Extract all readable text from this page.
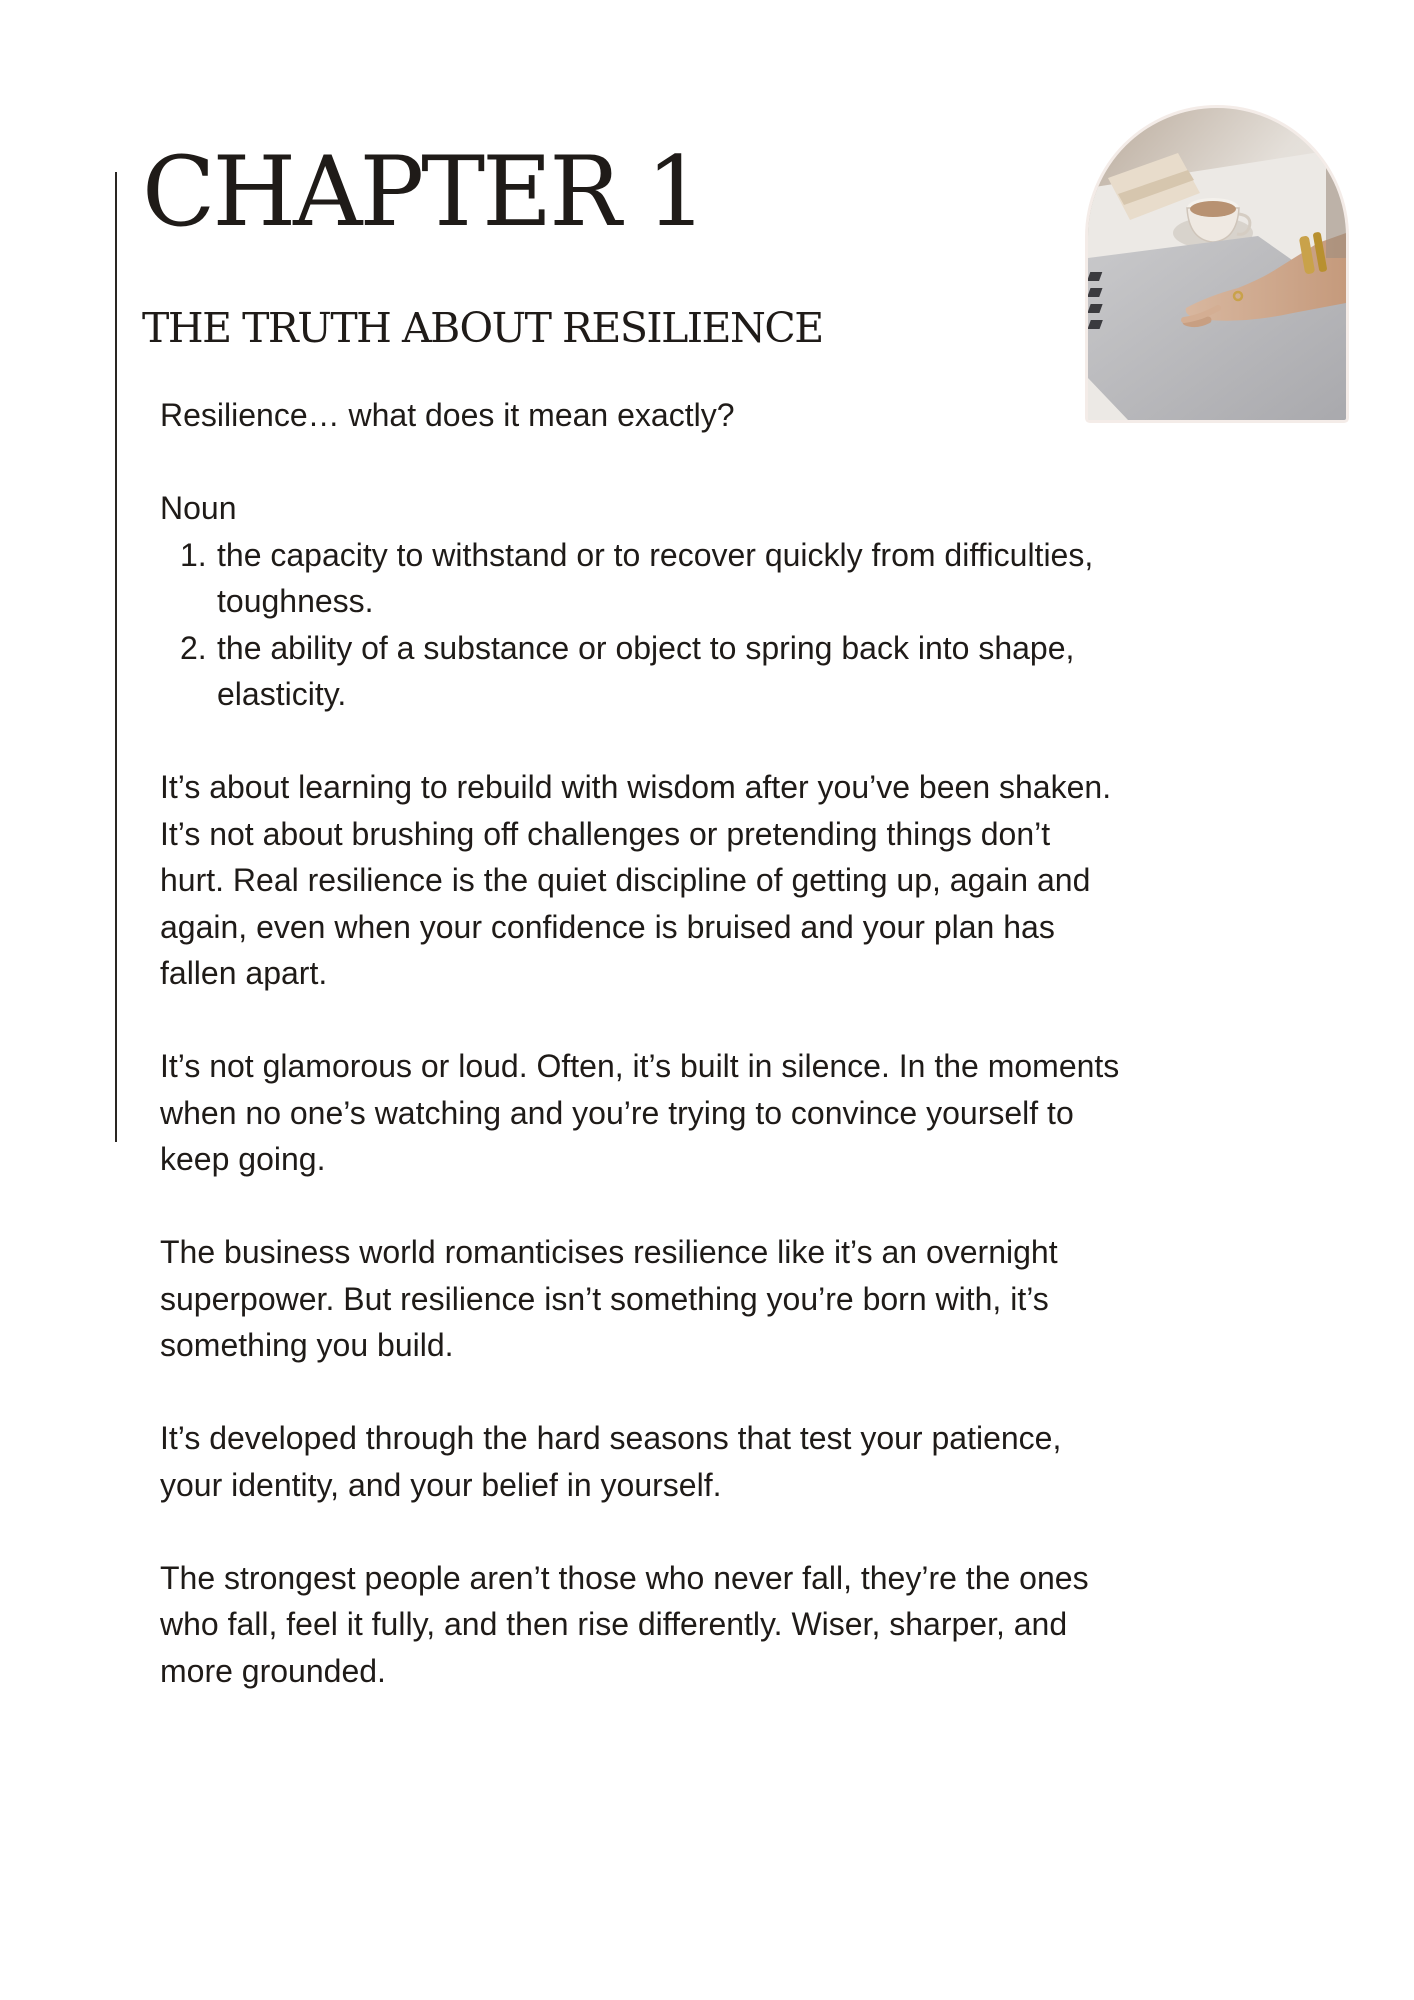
CHAPTER 1
THE TRUTH ABOUT RESILIENCE

Resilience… what does it mean exactly?

Noun

1. the capacity to withstand or to recover quickly from difficulties, toughness.
2. the ability of a substance or object to spring back into shape, elasticity.

It’s about learning to rebuild with wisdom after you’ve been shaken. It’s not about brushing off challenges or pretending things don’t hurt. Real resilience is the quiet discipline of getting up, again and again, even when your confidence is bruised and your plan has fallen apart.

It’s not glamorous or loud. Often, it’s built in silence. In the moments when no one’s watching and you’re trying to convince yourself to keep going.

The business world romanticises resilience like it’s an overnight superpower. But resilience isn’t something you’re born with, it’s something you build.

It’s developed through the hard seasons that test your patience, your identity, and your belief in yourself.

The strongest people aren’t those who never fall, they’re the ones who fall, feel it fully, and then rise differently. Wiser, sharper, and more grounded.
